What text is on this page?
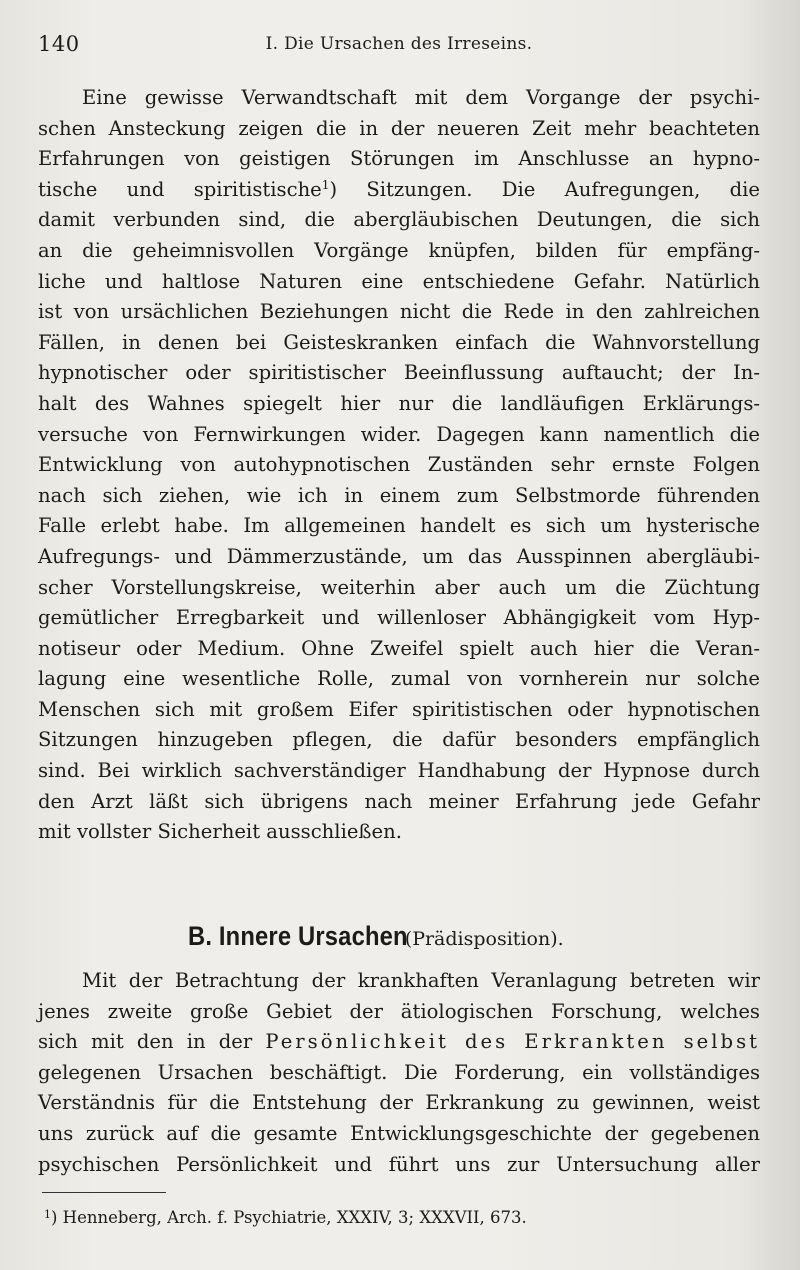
140	I. Die Ursachen des Irreseins.
Eine gewisse Verwandtschaft mit dem Vorgange der psychi-
schen Ansteckung zeigen die in der neueren Zeit mehr beachteten
Erfahrungen von geistigen Störungen im Anschlusse an hypno-
tische und spiritistische$^1$) Sitzungen. Die Aufregungen, die
damit verbunden sind, die abergläubischen Deutungen, die sich
an die geheimnisvollen Vorgänge knüpfen, bilden für empfäng-
liche und haltlose Naturen eine entschiedene Gefahr. Natürlich
ist von ursächlichen Beziehungen nicht die Rede in den zahlreichen
Fällen, in denen bei Geisteskranken einfach die Wahnvorstellung
hypnotischer oder spiritistischer Beeinflussung auftaucht; der In-
halt des Wahnes spiegelt hier nur die landläufigen Erklärungs-
versuche von Fernwirkungen wider. Dagegen kann namentlich die
Entwicklung von autohypnotischen Zuständen sehr ernste Folgen
nach sich ziehen, wie ich in einem zum Selbstmorde führenden
Falle erlebt habe. Im allgemeinen handelt es sich um hysterische
Aufregungs- und Dämmerzustände, um das Ausspinnen abergläubi-
scher Vorstellungskreise, weiterhin aber auch um die Züchtung
gemütlicher Erregbarkeit und willenloser Abhängigkeit vom Hyp-
notiseur oder Medium. Ohne Zweifel spielt auch hier die Veran-
lagung eine wesentliche Rolle, zumal von vornherein nur solche
Menschen sich mit großem Eifer spiritistischen oder hypnotischen
Sitzungen hinzugeben pflegen, die dafür besonders empfänglich
sind. Bei wirklich sachverständiger Handhabung der Hypnose durch
den Arzt läßt sich übrigens nach meiner Erfahrung jede Gefahr
mit vollster Sicherheit ausschließen.
B. Innere Ursachen (Prädisposition).
Mit der Betrachtung der krankhaften Veranlagung betreten wir
jenes zweite große Gebiet der ätiologischen Forschung, welches
sich mit den in der Persönlichkeit des Erkrankten selbst
gelegenen Ursachen beschäftigt. Die Forderung, ein vollständiges
Verständnis für die Entstehung der Erkrankung zu gewinnen, weist
uns zurück auf die gesamte Entwicklungsgeschichte der gegebenen
psychischen Persönlichkeit und führt uns zur Untersuchung aller
$^1$) Henneberg, Arch. f. Psychiatrie, XXXIV, 3; XXXVII, 673.
